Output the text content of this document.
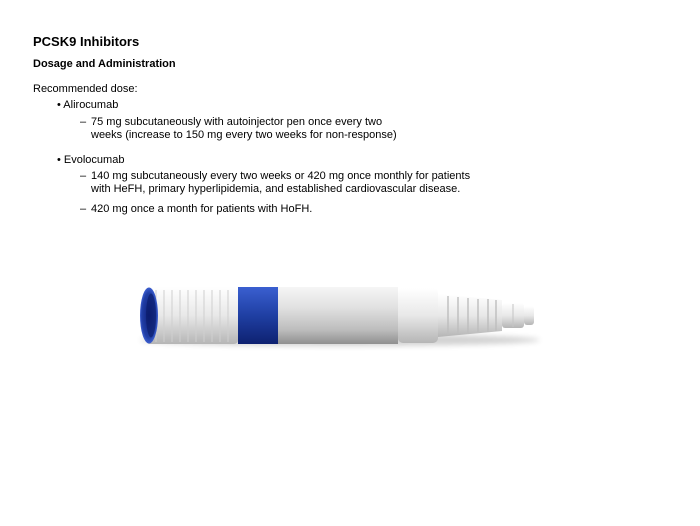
PCSK9 Inhibitors
Dosage and Administration
Recommended dose:
• Alirocumab
– 75 mg subcutaneously with autoinjector pen once every two
weeks (increase to 150 mg every two weeks for non-response)
• Evolocumab
– 140 mg subcutaneously every two weeks or 420 mg once monthly for patients
with HeFH, primary hyperlipidemia, and established cardiovascular disease.
– 420 mg once a month for patients with HoFH.
